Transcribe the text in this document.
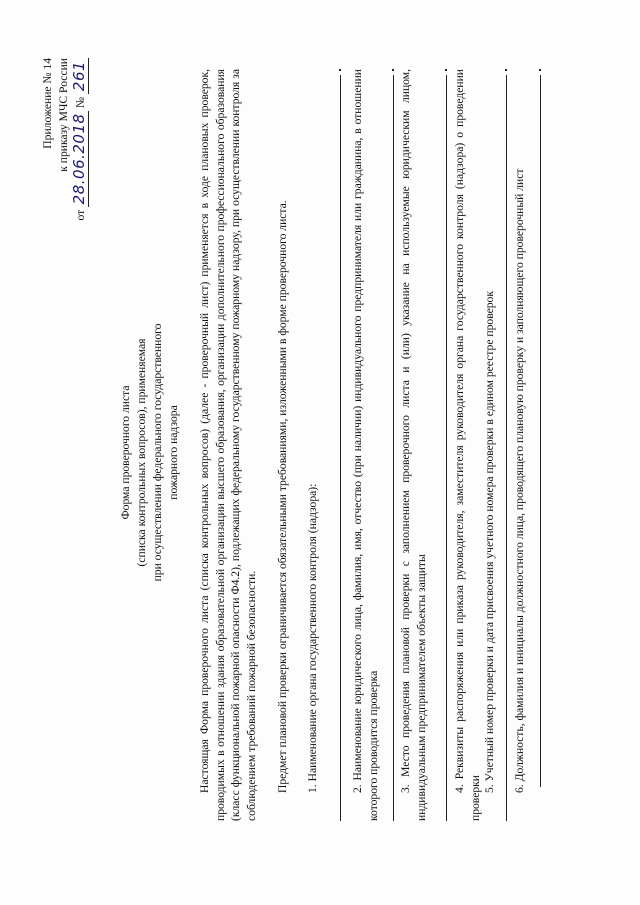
Приложение № 14 к приказу МЧС России
от 28.06.2018 № 261
Форма проверочного листа (списка контрольных вопросов), применяемая при осуществлении федерального государственного пожарного надзора Настоящая Форма проверочного листа (списка контрольных вопросов) (далее - проверочный лист) применяется в ходе плановых проверок, проводимых в отношении здания образовательной организации высшего образования, организации дополнительного профессионального образования (класс функциональной пожарной опасности Ф4.2), подлежащих федеральному государственному пожарному надзору, при осуществлении контроля за соблюдением требований пожарной безопасности. Предмет плановой проверки ограничивается обязательными требованиями, изложенными в форме проверочного листа. 1. Наименование органа государственного контроля (надзора):	2. Наименование юридического лица, фамилия, имя, отчество (при наличии) индивидуального предпринимателя или гражданина, в отношении которого проводится проверка 3. Место проведения плановой проверки с заполнением проверочного листа и (или) указание на используемые юридическим лицом, индивидуальным предпринимателем объекты защиты 4. Реквизиты распоряжения или приказа руководителя, заместителя руководителя органа государственного контроля (надзора) о проведении проверки
5. Учетный номер проверки и дата присвоения учетного номера проверки в едином реестре проверок 6. Должность, фамилия и инициалы должностного лица, проводящего плановую проверку и заполняющего проверочный лист
